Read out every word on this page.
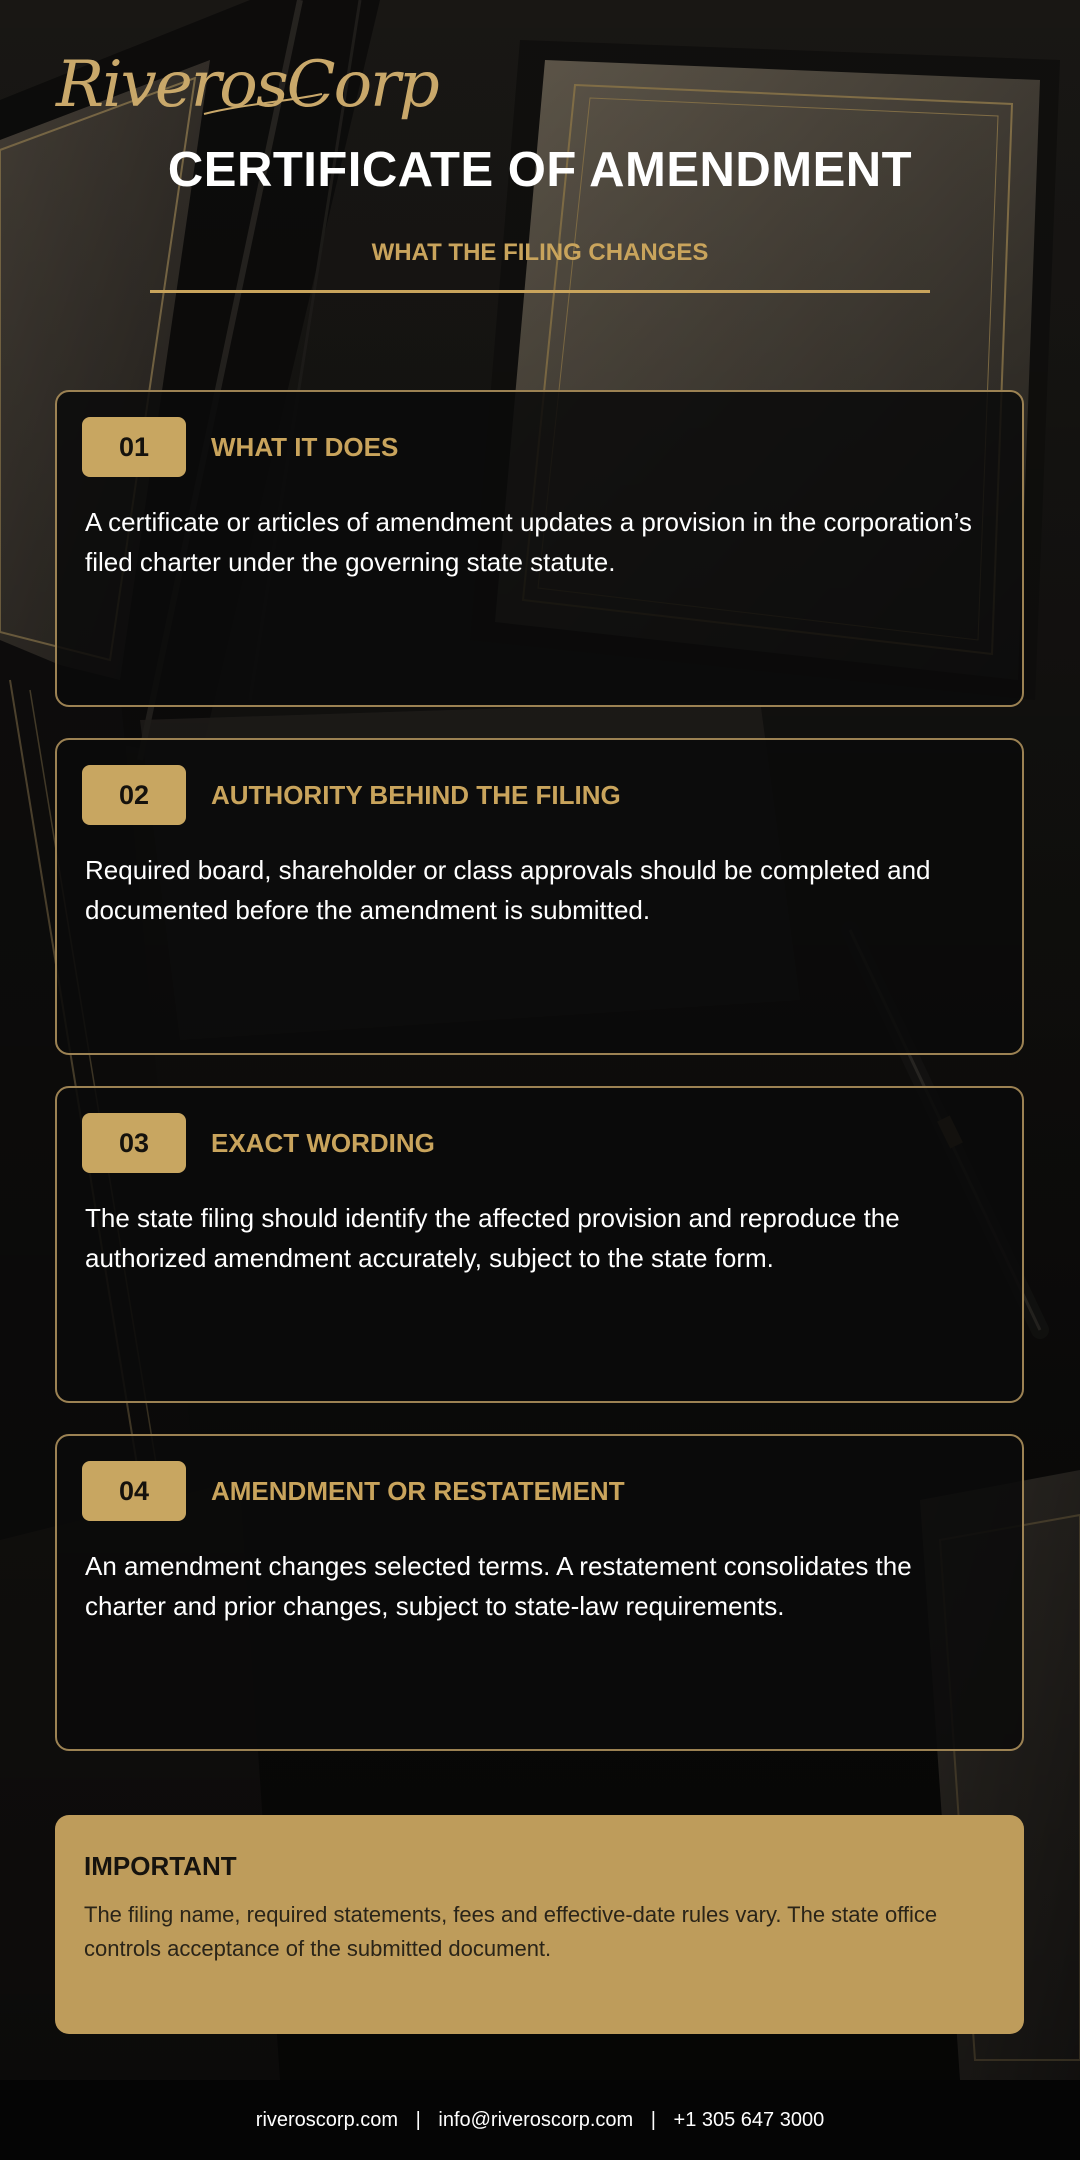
RiverosCorp
CERTIFICATE OF AMENDMENT
WHAT THE FILING CHANGES
01	WHAT IT DOES
A certificate or articles of amendment updates a provision in the corporation’s filed charter under the governing state statute.
02	AUTHORITY BEHIND THE FILING
Required board, shareholder or class approvals should be completed and documented before the amendment is submitted.
03	EXACT WORDING
The state filing should identify the affected provision and reproduce the authorized amendment accurately, subject to the state form.
04	AMENDMENT OR RESTATEMENT
An amendment changes selected terms. A restatement consolidates the charter and prior changes, subject to state-law requirements.
IMPORTANT
The filing name, required statements, fees and effective-date rules vary. The state office controls acceptance of the submitted document.
riveroscorp.com | info@riveroscorp.com | +1 305 647 3000
